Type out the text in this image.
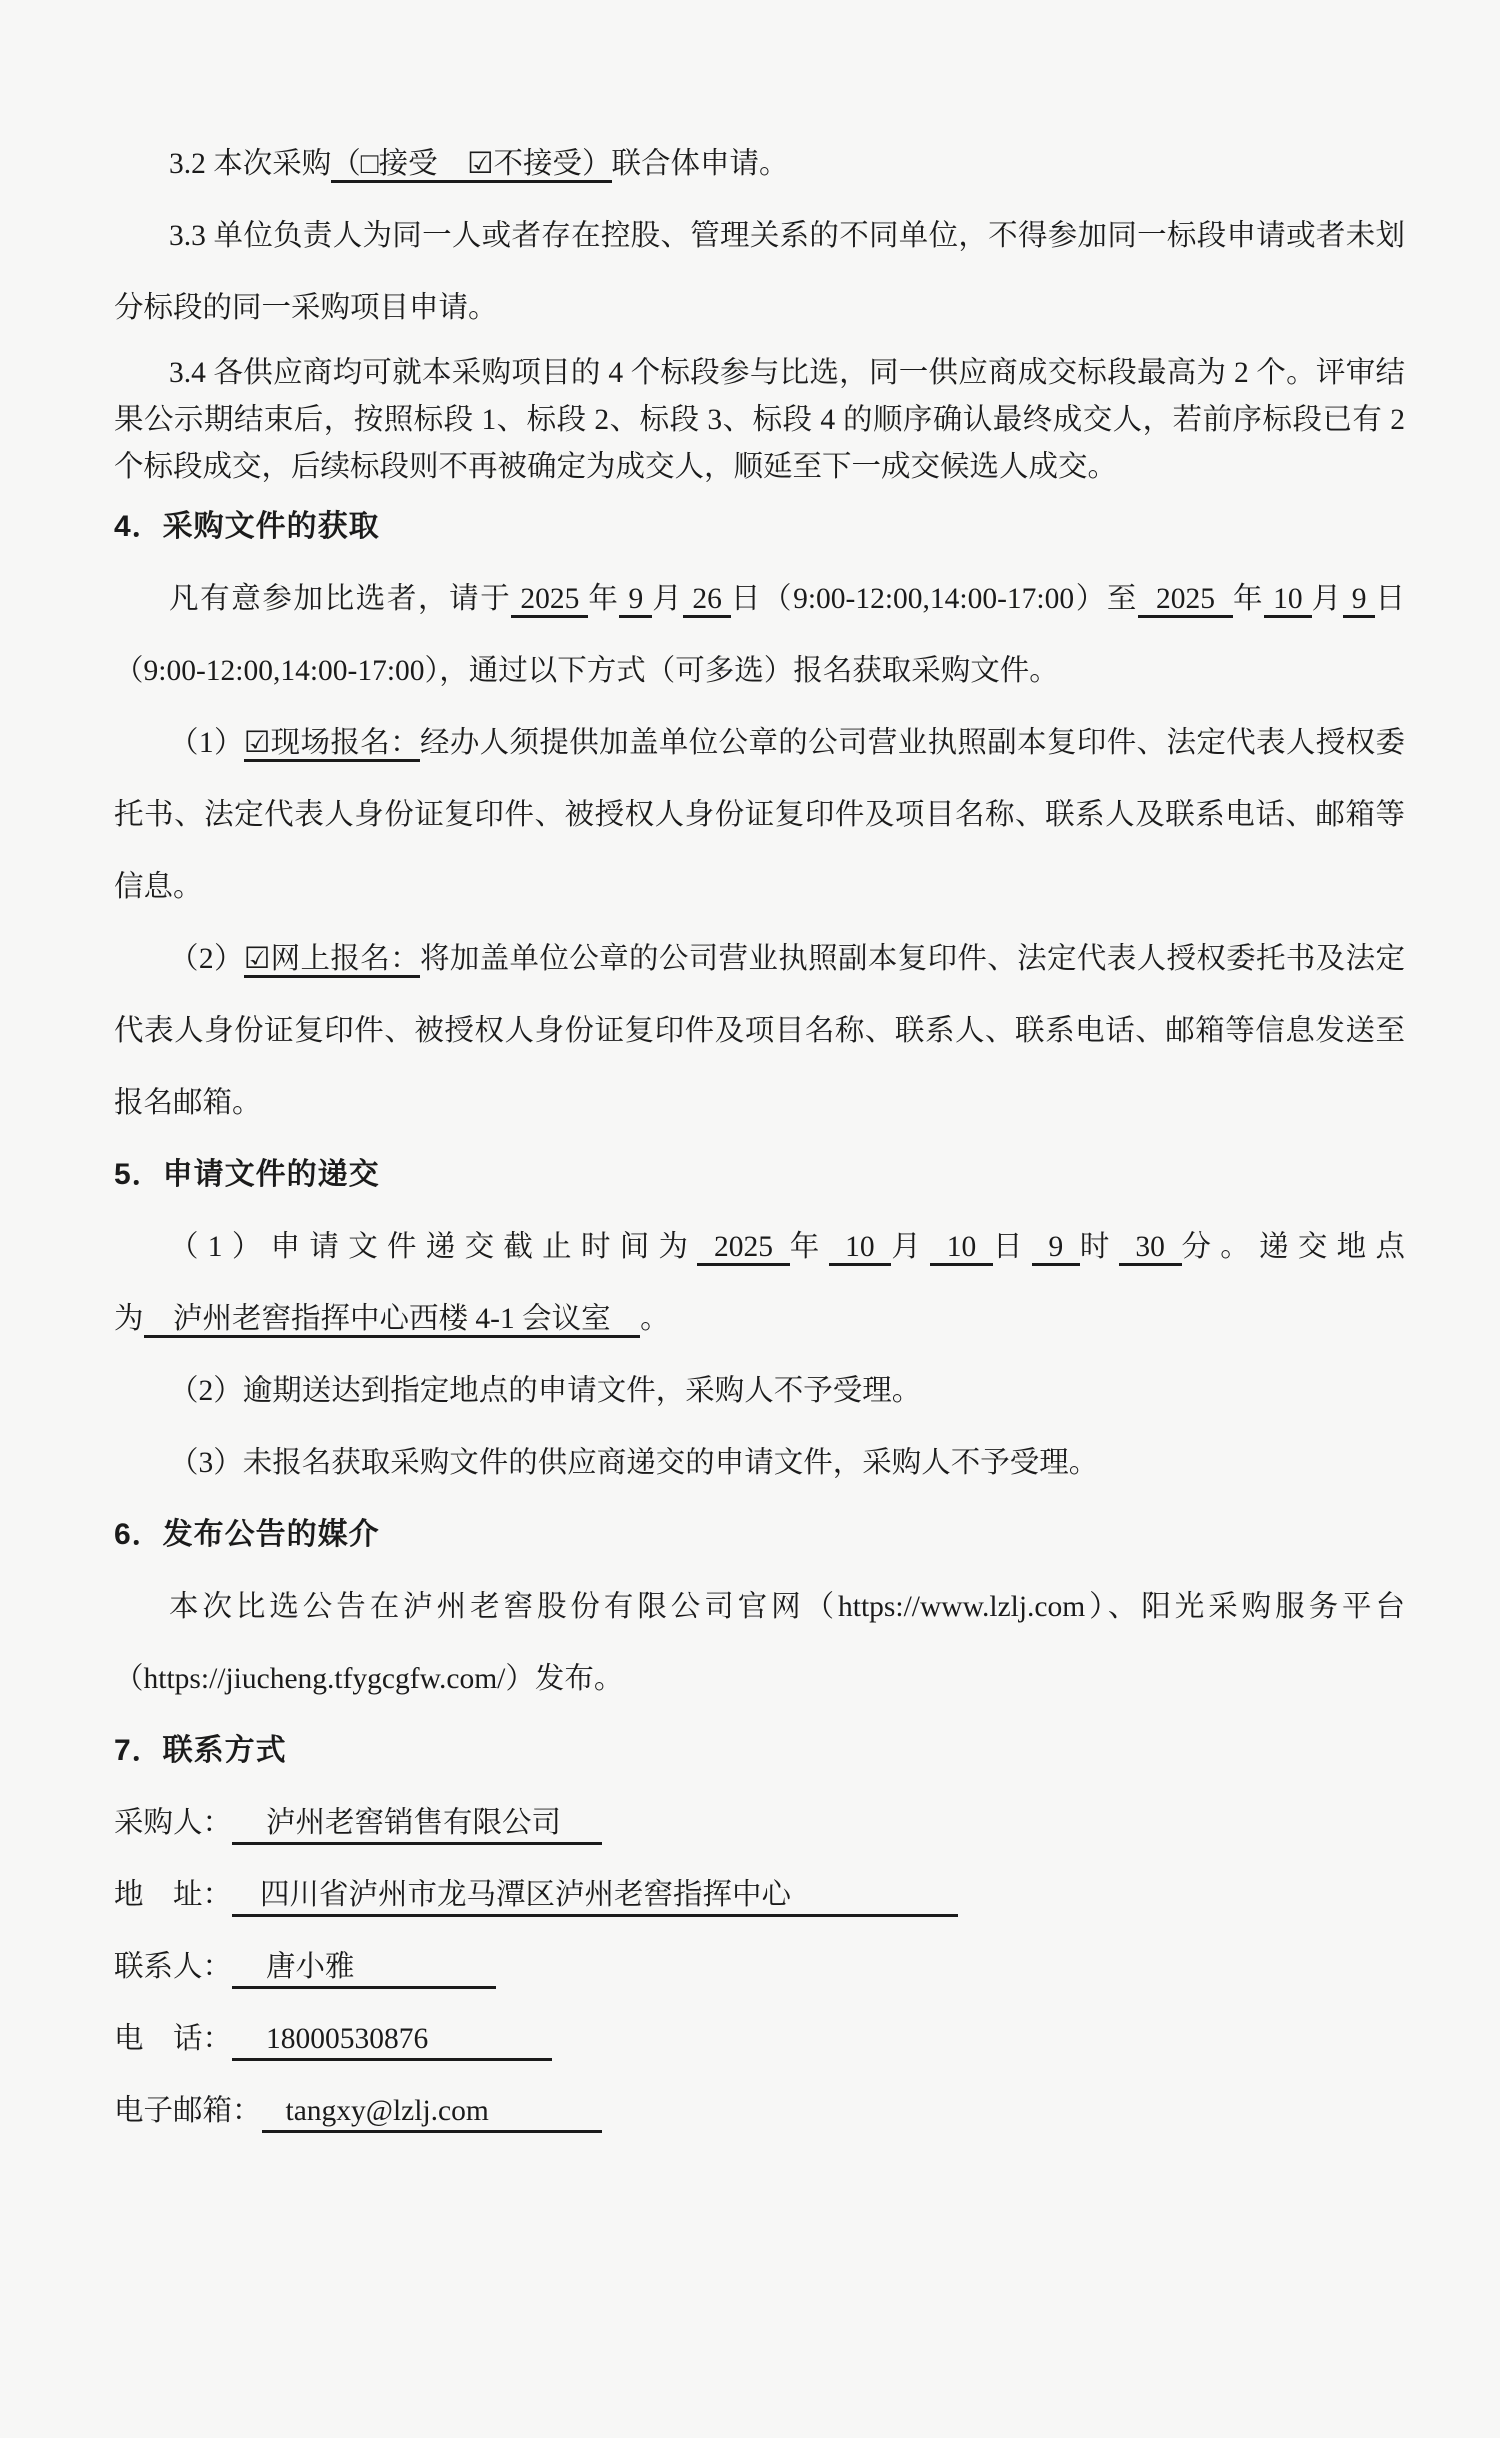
3.2 本次采购（□接受　☑不接受）联合体申请。
3.3 单位负责人为同一人或者存在控股、管理关系的不同单位，不得参加同一标段申请或者未划分标段的同一采购项目申请。
3.4 各供应商均可就本采购项目的 4 个标段参与比选，同一供应商成交标段最高为 2 个。评审结果公示期结束后，按照标段 1、标段 2、标段 3、标段 4 的顺序确认最终成交人，若前序标段已有 2 个标段成交，后续标段则不再被确定为成交人，顺延至下一成交候选人成交。
4．采购文件的获取
凡有意参加比选者，请于 2025 年 9 月 26 日（9:00-12:00,14:00-17:00）至  2025  年 10 月 9 日（9:00-12:00,14:00-17:00），通过以下方式（可多选）报名获取采购文件。
（1）☑现场报名：经办人须提供加盖单位公章的公司营业执照副本复印件、法定代表人授权委托书、法定代表人身份证复印件、被授权人身份证复印件及项目名称、联系人及联系电话、邮箱等信息。
（2）☑网上报名：将加盖单位公章的公司营业执照副本复印件、法定代表人授权委托书及法定代表人身份证复印件、被授权人身份证复印件及项目名称、联系人、联系电话、邮箱等信息发送至报名邮箱。
5．申请文件的递交
（1）申请文件递交截止时间为 2025 年 10 月 10 日 9 时 30 分。递交地点为　泸州老窖指挥中心西楼 4-1 会议室　。
（2）逾期送达到指定地点的申请文件，采购人不予受理。
（3）未报名获取采购文件的供应商递交的申请文件，采购人不予受理。
6．发布公告的媒介
本次比选公告在泸州老窖股份有限公司官网（https://www.lzlj.com）、阳光采购服务平台（https://jiucheng.tfygcgfw.com/）发布。
7．联系方式
采购人： 泸州老窖销售有限公司
地　址： 四川省泸州市龙马潭区泸州老窖指挥中心
联系人： 唐小雅
电　话： 18000530876
电子邮箱： tangxy@lzlj.com
